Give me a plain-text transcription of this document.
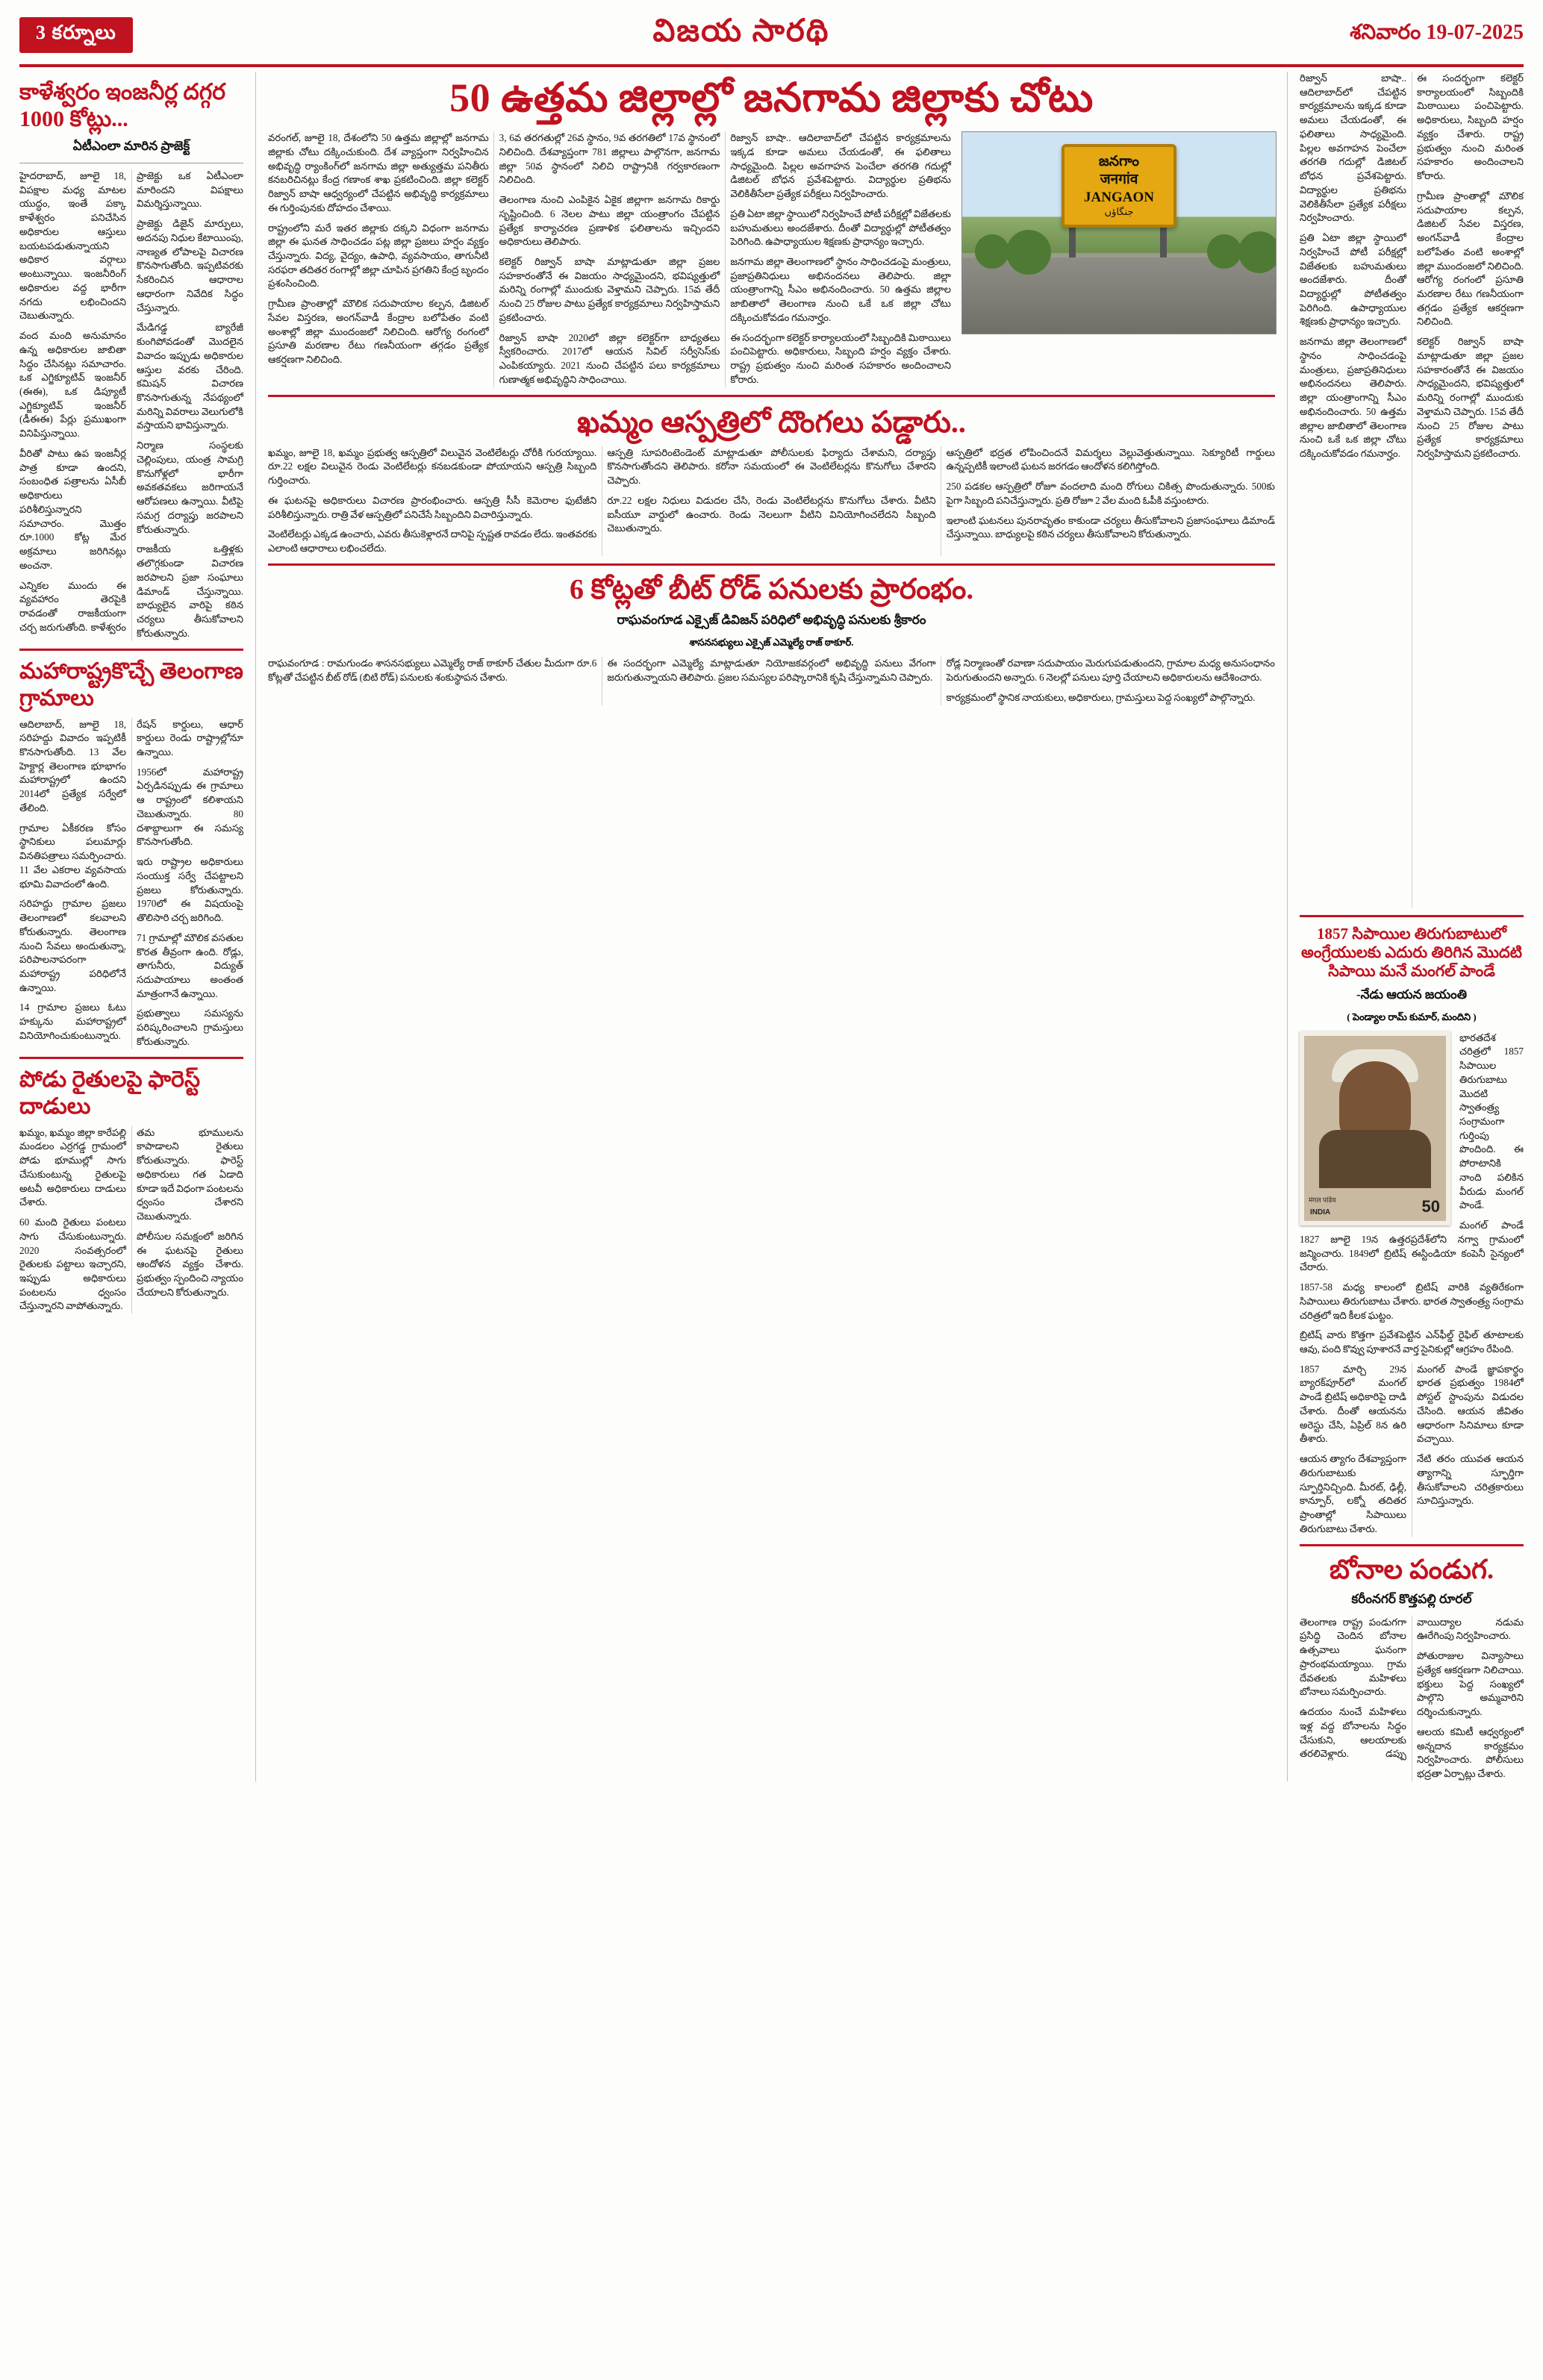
3 కర్నూలు	విజయ సారథి	శనివారం 19-07-2025
కాళేశ్వరం ఇంజనీర్ల దగ్గర 1000 కోట్లు...
ఏటీఎంలా మారిన ప్రాజెక్ట్

హైదరాబాద్, జూలై 18, విపక్షాల మధ్య మాటల యుద్ధం, ఇంతే పక్కా కాళేశ్వరం పనిచేసిన అధికారుల ఆస్తులు బయటపడుతున్నాయని అధికార వర్గాలు అంటున్నాయి. ఇంజనీరింగ్ అధికారుల వద్ద భారీగా నగదు లభించిందని చెబుతున్నారు.

వంద మంది అనుమానం ఉన్న అధికారుల జాబితా సిద్ధం చేసినట్లు సమాచారం. ఒక ఎగ్జిక్యూటివ్ ఇంజనీర్ (ఈఈ), ఒక డిప్యూటీ ఎగ్జిక్యూటివ్ ఇంజనీర్ (డీఈఈ) పేర్లు ప్రముఖంగా వినిపిస్తున్నాయి.

వీరితో పాటు ఉప ఇంజనీర్ల పాత్ర కూడా ఉందని, సంబంధిత పత్రాలను ఏసీబీ అధికారులు పరిశీలిస్తున్నారని సమాచారం. మొత్తం రూ.1000 కోట్ల మేర అక్రమాలు జరిగినట్లు అంచనా.

ఎన్నికల ముందు ఈ వ్యవహారం తెరపైకి రావడంతో రాజకీయంగా చర్చ జరుగుతోంది. కాళేశ్వరం ప్రాజెక్టు ఒక ఏటీఎంలా మారిందని విపక్షాలు విమర్శిస్తున్నాయి.

ప్రాజెక్టు డిజైన్ మార్పులు, అదనపు నిధుల కేటాయింపు, నాణ్యత లోపాలపై విచారణ కొనసాగుతోంది. ఇప్పటివరకు సేకరించిన ఆధారాల ఆధారంగా నివేదిక సిద్ధం చేస్తున్నారు.

మేడిగడ్డ బ్యారేజీ కుంగిపోవడంతో మొదలైన వివాదం ఇప్పుడు అధికారుల ఆస్తుల వరకు చేరింది. కమిషన్ విచారణ కొనసాగుతున్న నేపథ్యంలో మరిన్ని వివరాలు వెలుగులోకి వస్తాయని భావిస్తున్నారు.

నిర్మాణ సంస్థలకు చెల్లింపులు, యంత్ర సామగ్రి కొనుగోళ్లలో భారీగా అవకతవకలు జరిగాయనే ఆరోపణలు ఉన్నాయి. వీటిపై సమగ్ర దర్యాప్తు జరపాలని కోరుతున్నారు.

రాజకీయ ఒత్తిళ్లకు తలొగ్గకుండా విచారణ జరపాలని ప్రజా సంఘాలు డిమాండ్ చేస్తున్నాయి. బాధ్యులైన వారిపై కఠిన చర్యలు తీసుకోవాలని కోరుతున్నారు.

మహారాష్ట్రకొచ్చే తెలంగాణ గ్రామాలు

ఆదిలాబాద్, జూలై 18, సరిహద్దు వివాదం ఇప్పటికీ కొనసాగుతోంది. 13 వేల హెక్టార్ల తెలంగాణ భూభాగం మహారాష్ట్రలో ఉందని 2014లో ప్రత్యేక సర్వేలో తేలింది.

గ్రామాల ఏకీకరణ కోసం స్థానికులు పలుమార్లు వినతిపత్రాలు సమర్పించారు. 11 వేల ఎకరాల వ్యవసాయ భూమి వివాదంలో ఉంది.

సరిహద్దు గ్రామాల ప్రజలు తెలంగాణలో కలవాలని కోరుతున్నారు. తెలంగాణ నుంచి సేవలు అందుతున్నా, పరిపాలనాపరంగా మహారాష్ట్ర పరిధిలోనే ఉన్నాయి.

14 గ్రామాల ప్రజలు ఓటు హక్కును మహారాష్ట్రలో వినియోగించుకుంటున్నారు. రేషన్ కార్డులు, ఆధార్ కార్డులు రెండు రాష్ట్రాల్లోనూ ఉన్నాయి.

1956లో మహారాష్ట్ర ఏర్పడినప్పుడు ఈ గ్రామాలు ఆ రాష్ట్రంలో కలిశాయని చెబుతున్నారు. 80 దశాబ్దాలుగా ఈ సమస్య కొనసాగుతోంది.

ఇరు రాష్ట్రాల అధికారులు సంయుక్త సర్వే చేపట్టాలని ప్రజలు కోరుతున్నారు. 1970లో ఈ విషయంపై తొలిసారి చర్చ జరిగింది.

71 గ్రామాల్లో మౌలిక వసతుల కొరత తీవ్రంగా ఉంది. రోడ్లు, తాగునీరు, విద్యుత్ సదుపాయాలు అంతంత మాత్రంగానే ఉన్నాయి.

ప్రభుత్వాలు సమస్యను పరిష్కరించాలని గ్రామస్తులు కోరుతున్నారు.

పోడు రైతులపై ఫారెస్ట్ దాడులు

ఖమ్మం, ఖమ్మం జిల్లా కారేపల్లి మండలం ఎర్రగడ్డ గ్రామంలో పోడు భూముల్లో సాగు చేసుకుంటున్న రైతులపై అటవీ అధికారులు దాడులు చేశారు.

60 మంది రైతులు పంటలు సాగు చేసుకుంటున్నారు. 2020 సంవత్సరంలో రైతులకు పట్టాలు ఇచ్చారని, ఇప్పుడు అధికారులు పంటలను ధ్వంసం చేస్తున్నారని వాపోతున్నారు.

తమ భూములను కాపాడాలని రైతులు కోరుతున్నారు. ఫారెస్ట్ అధికారులు గత ఏడాది కూడా ఇదే విధంగా పంటలను ధ్వంసం చేశారని చెబుతున్నారు.

పోలీసుల సమక్షంలో జరిగిన ఈ ఘటనపై రైతులు ఆందోళన వ్యక్తం చేశారు. ప్రభుత్వం స్పందించి న్యాయం చేయాలని కోరుతున్నారు.

50 ఉత్తమ జిల్లాల్లో జనగామ జిల్లాకు చోటు
జనగాం
जनगांव
JANGAON
جنگاؤں

వరంగల్, జూలై 18, దేశంలోని 50 ఉత్తమ జిల్లాల్లో జనగామ జిల్లాకు చోటు దక్కించుకుంది. దేశ వ్యాప్తంగా నిర్వహించిన అభివృద్ధి ర్యాంకింగ్‌లో జనగామ జిల్లా అత్యుత్తమ పనితీరు కనబరిచినట్లు కేంద్ర గణాంక శాఖ ప్రకటించింది. జిల్లా కలెక్టర్ రిజ్వాన్ బాషా ఆధ్వర్యంలో చేపట్టిన అభివృద్ధి కార్యక్రమాలు ఈ గుర్తింపునకు దోహదం చేశాయి.

రాష్ట్రంలోని మరే ఇతర జిల్లాకు దక్కని విధంగా జనగామ జిల్లా ఈ ఘనత సాధించడం పట్ల జిల్లా ప్రజలు హర్షం వ్యక్తం చేస్తున్నారు. విద్య, వైద్యం, ఉపాధి, వ్యవసాయం, తాగునీటి సరఫరా తదితర రంగాల్లో జిల్లా చూపిన ప్రగతిని కేంద్ర బృందం ప్రశంసించింది.

గ్రామీణ ప్రాంతాల్లో మౌలిక సదుపాయాల కల్పన, డిజిటల్ సేవల విస్తరణ, అంగన్‌వాడీ కేంద్రాల బలోపేతం వంటి అంశాల్లో జిల్లా ముందంజలో నిలిచింది. ఆరోగ్య రంగంలో ప్రసూతి మరణాల రేటు గణనీయంగా తగ్గడం ప్రత్యేక ఆకర్షణగా నిలిచింది.

3, 6వ తరగతుల్లో 26వ స్థానం, 9వ తరగతిలో 17వ స్థానంలో నిలిచింది. దేశవ్యాప్తంగా 781 జిల్లాలు పాల్గొనగా, జనగామ జిల్లా 50వ స్థానంలో నిలిచి రాష్ట్రానికి గర్వకారణంగా నిలిచింది.

తెలంగాణ నుంచి ఎంపికైన ఏకైక జిల్లాగా జనగామ రికార్డు సృష్టించింది. 6 నెలల పాటు జిల్లా యంత్రాంగం చేపట్టిన ప్రత్యేక కార్యాచరణ ప్రణాళిక ఫలితాలను ఇచ్చిందని అధికారులు తెలిపారు.

కలెక్టర్ రిజ్వాన్ బాషా మాట్లాడుతూ జిల్లా ప్రజల సహకారంతోనే ఈ విజయం సాధ్యమైందని, భవిష్యత్తులో మరిన్ని రంగాల్లో ముందుకు వెళ్తామని చెప్పారు. 15వ తేదీ నుంచి 25 రోజుల పాటు ప్రత్యేక కార్యక్రమాలు నిర్వహిస్తామని ప్రకటించారు.

రిజ్వాన్ బాషా 2020లో జిల్లా కలెక్టర్‌గా బాధ్యతలు స్వీకరించారు. 2017లో ఆయన సివిల్ సర్వీసెస్‌కు ఎంపికయ్యారు. 2021 నుంచి చేపట్టిన పలు కార్యక్రమాలు గుణాత్మక అభివృద్ధిని సాధించాయి.

రిజ్వాన్ బాషా.. ఆదిలాబాద్‌లో చేపట్టిన కార్యక్రమాలను ఇక్కడ కూడా అమలు చేయడంతో, ఈ ఫలితాలు సాధ్యమైంది. పిల్లల అవగాహన పెంచేలా తరగతి గదుల్లో డిజిటల్ బోధన ప్రవేశపెట్టారు. విద్యార్థుల ప్రతిభను వెలికితీసేలా ప్రత్యేక పరీక్షలు నిర్వహించారు.

ప్రతి ఏటా జిల్లా స్థాయిలో నిర్వహించే పోటీ పరీక్షల్లో విజేతలకు బహుమతులు అందజేశారు. దీంతో విద్యార్థుల్లో పోటీతత్వం పెరిగింది. ఉపాధ్యాయుల శిక్షణకు ప్రాధాన్యం ఇచ్చారు.

జనగామ జిల్లా తెలంగాణలో స్థానం సాధించడంపై మంత్రులు, ప్రజాప్రతినిధులు అభినందనలు తెలిపారు. జిల్లా యంత్రాంగాన్ని సీఎం అభినందించారు. 50 ఉత్తమ జిల్లాల జాబితాలో తెలంగాణ నుంచి ఒకే ఒక జిల్లా చోటు దక్కించుకోవడం గమనార్హం.

ఈ సందర్భంగా కలెక్టర్ కార్యాలయంలో సిబ్బందికి మిఠాయిలు పంచిపెట్టారు. అధికారులు, సిబ్బంది హర్షం వ్యక్తం చేశారు. రాష్ట్ర ప్రభుత్వం నుంచి మరింత సహకారం అందించాలని కోరారు.

ఖమ్మం ఆస్పత్రిలో దొంగలు పడ్డారు..

ఖమ్మం, జూలై 18, ఖమ్మం ప్రభుత్వ ఆస్పత్రిలో విలువైన వెంటిలేటర్లు చోరీకి గురయ్యాయి. రూ.22 లక్షల విలువైన రెండు వెంటిలేటర్లు కనబడకుండా పోయాయని ఆస్పత్రి సిబ్బంది గుర్తించారు.

ఈ ఘటనపై అధికారులు విచారణ ప్రారంభించారు. ఆస్పత్రి సీసీ కెమెరాల ఫుటేజీని పరిశీలిస్తున్నారు. రాత్రి వేళ ఆస్పత్రిలో పనిచేసే సిబ్బందిని విచారిస్తున్నారు.

వెంటిలేటర్లు ఎక్కడ ఉంచారు, ఎవరు తీసుకెళ్లారనే దానిపై స్పష్టత రావడం లేదు. ఇంతవరకు ఎలాంటి ఆధారాలు లభించలేదు.

ఆస్పత్రి సూపరింటెండెంట్ మాట్లాడుతూ పోలీసులకు ఫిర్యాదు చేశామని, దర్యాప్తు కొనసాగుతోందని తెలిపారు. కరోనా సమయంలో ఈ వెంటిలేటర్లను కొనుగోలు చేశారని చెప్పారు.

రూ.22 లక్షల నిధులు విడుదల చేసి, రెండు వెంటిలేటర్లను కొనుగోలు చేశారు. వీటిని ఐసీయూ వార్డులో ఉంచారు. రెండు నెలలుగా వీటిని వినియోగించలేదని సిబ్బంది చెబుతున్నారు.

ఆస్పత్రిలో భద్రత లోపించిందనే విమర్శలు వెల్లువెత్తుతున్నాయి. సెక్యూరిటీ గార్డులు ఉన్నప్పటికీ ఇలాంటి ఘటన జరగడం ఆందోళన కలిగిస్తోంది.

250 పడకల ఆస్పత్రిలో రోజూ వందలాది మంది రోగులు చికిత్స పొందుతున్నారు. 500కు పైగా సిబ్బంది పనిచేస్తున్నారు. ప్రతి రోజూ 2 వేల మంది ఓపీకి వస్తుంటారు.

ఇలాంటి ఘటనలు పునరావృతం కాకుండా చర్యలు తీసుకోవాలని ప్రజాసంఘాలు డిమాండ్ చేస్తున్నాయి. బాధ్యులపై కఠిన చర్యలు తీసుకోవాలని కోరుతున్నారు.

6 కోట్లతో బీట్ రోడ్ పనులకు ప్రారంభం.
రాఘవంగూడ ఎక్సైజ్ డివిజన్ పరిధిలో అభివృద్ధి పనులకు శ్రీకారం
శాసనసభ్యులు ఎక్సైజ్ ఎమ్మెల్యే రాజ్ ఠాకూర్.

రాఘవంగూడ : రామగుండం శాసనసభ్యులు ఎమ్మెల్యే రాజ్ ఠాకూర్ చేతుల మీదుగా రూ.6 కోట్లతో చేపట్టిన బీట్ రోడ్ (బిటి రోడ్) పనులకు శంకుస్థాపన చేశారు.

ఈ సందర్భంగా ఎమ్మెల్యే మాట్లాడుతూ నియోజకవర్గంలో అభివృద్ధి పనులు వేగంగా జరుగుతున్నాయని తెలిపారు. ప్రజల సమస్యల పరిష్కారానికి కృషి చేస్తున్నామని చెప్పారు.

రోడ్ల నిర్మాణంతో రవాణా సదుపాయం మెరుగుపడుతుందని, గ్రామాల మధ్య అనుసంధానం పెరుగుతుందని అన్నారు. 6 నెలల్లో పనులు పూర్తి చేయాలని అధికారులను ఆదేశించారు.

కార్యక్రమంలో స్థానిక నాయకులు, అధికారులు, గ్రామస్తులు పెద్ద సంఖ్యలో పాల్గొన్నారు.

రిజ్వాన్ బాషా.. ఆదిలాబాద్‌లో చేపట్టిన కార్యక్రమాలను ఇక్కడ కూడా అమలు చేయడంతో, ఈ ఫలితాలు సాధ్యమైంది. పిల్లల అవగాహన పెంచేలా తరగతి గదుల్లో డిజిటల్ బోధన ప్రవేశపెట్టారు. విద్యార్థుల ప్రతిభను వెలికితీసేలా ప్రత్యేక పరీక్షలు నిర్వహించారు.

ప్రతి ఏటా జిల్లా స్థాయిలో నిర్వహించే పోటీ పరీక్షల్లో విజేతలకు బహుమతులు అందజేశారు. దీంతో విద్యార్థుల్లో పోటీతత్వం పెరిగింది. ఉపాధ్యాయుల శిక్షణకు ప్రాధాన్యం ఇచ్చారు.

జనగామ జిల్లా తెలంగాణలో స్థానం సాధించడంపై మంత్రులు, ప్రజాప్రతినిధులు అభినందనలు తెలిపారు. జిల్లా యంత్రాంగాన్ని సీఎం అభినందించారు. 50 ఉత్తమ జిల్లాల జాబితాలో తెలంగాణ నుంచి ఒకే ఒక జిల్లా చోటు దక్కించుకోవడం గమనార్హం.

ఈ సందర్భంగా కలెక్టర్ కార్యాలయంలో సిబ్బందికి మిఠాయిలు పంచిపెట్టారు. అధికారులు, సిబ్బంది హర్షం వ్యక్తం చేశారు. రాష్ట్ర ప్రభుత్వం నుంచి మరింత సహకారం అందించాలని కోరారు.

గ్రామీణ ప్రాంతాల్లో మౌలిక సదుపాయాల కల్పన, డిజిటల్ సేవల విస్తరణ, అంగన్‌వాడీ కేంద్రాల బలోపేతం వంటి అంశాల్లో జిల్లా ముందంజలో నిలిచింది. ఆరోగ్య రంగంలో ప్రసూతి మరణాల రేటు గణనీయంగా తగ్గడం ప్రత్యేక ఆకర్షణగా నిలిచింది.

కలెక్టర్ రిజ్వాన్ బాషా మాట్లాడుతూ జిల్లా ప్రజల సహకారంతోనే ఈ విజయం సాధ్యమైందని, భవిష్యత్తులో మరిన్ని రంగాల్లో ముందుకు వెళ్తామని చెప్పారు. 15వ తేదీ నుంచి 25 రోజుల పాటు ప్రత్యేక కార్యక్రమాలు నిర్వహిస్తామని ప్రకటించారు.

1857 సిపాయిల తిరుగుబాటులో అంగ్రేయులకు ఎదురు తిరిగిన మొదటి సిపాయి మనే మంగల్ పాండే
-నేడు ఆయన జయంతి
( పెండ్యాల రామ్ కుమార్, మందిని )
मंगल पांडेय
INDIA	50

భారతదేశ చరిత్రలో 1857 సిపాయిల తిరుగుబాటు మొదటి స్వాతంత్ర్య సంగ్రామంగా గుర్తింపు పొందింది. ఈ పోరాటానికి నాంది పలికిన వీరుడు మంగల్ పాండే.

మంగల్ పాండే 1827 జూలై 19న ఉత్తరప్రదేశ్‌లోని నగ్వా గ్రామంలో జన్మించారు. 1849లో బ్రిటిష్ ఈస్టిండియా కంపెనీ సైన్యంలో చేరారు.

1857-58 మధ్య కాలంలో బ్రిటిష్ వారికి వ్యతిరేకంగా సిపాయిలు తిరుగుబాటు చేశారు. భారత స్వాతంత్ర్య సంగ్రామ చరిత్రలో ఇది కీలక ఘట్టం.

బ్రిటిష్ వారు కొత్తగా ప్రవేశపెట్టిన ఎన్‌ఫీల్డ్ రైఫిల్ తూటాలకు ఆవు, పంది కొవ్వు పూశారనే వార్త సైనికుల్లో ఆగ్రహం రేపింది.

1857 మార్చి 29న బ్యారక్‌పూర్‌లో మంగల్ పాండే బ్రిటిష్ అధికారిపై దాడి చేశారు. దీంతో ఆయనను అరెస్టు చేసి, ఏప్రిల్ 8న ఉరి తీశారు.

ఆయన త్యాగం దేశవ్యాప్తంగా తిరుగుబాటుకు స్ఫూర్తినిచ్చింది. మీరట్, ఢిల్లీ, కాన్పూర్, లక్నో తదితర ప్రాంతాల్లో సిపాయిలు తిరుగుబాటు చేశారు.

మంగల్ పాండే జ్ఞాపకార్థం భారత ప్రభుత్వం 1984లో పోస్టల్ స్టాంపును విడుదల చేసింది. ఆయన జీవితం ఆధారంగా సినిమాలు కూడా వచ్చాయి.

నేటి తరం యువత ఆయన త్యాగాన్ని స్ఫూర్తిగా తీసుకోవాలని చరిత్రకారులు సూచిస్తున్నారు.

బోనాల పండుగ.
కరీంనగర్ కొత్తపల్లి రూరల్

తెలంగాణ రాష్ట్ర పండుగగా ప్రసిద్ధి చెందిన బోనాల ఉత్సవాలు ఘనంగా ప్రారంభమయ్యాయి. గ్రామ దేవతలకు మహిళలు బోనాలు సమర్పించారు.

ఉదయం నుంచే మహిళలు ఇళ్ల వద్ద బోనాలను సిద్ధం చేసుకుని, ఆలయాలకు తరలివెళ్లారు. డప్పు వాయిద్యాల నడుమ ఊరేగింపు నిర్వహించారు.

పోతురాజుల విన్యాసాలు ప్రత్యేక ఆకర్షణగా నిలిచాయి. భక్తులు పెద్ద సంఖ్యలో పాల్గొని అమ్మవారిని దర్శించుకున్నారు.

ఆలయ కమిటీ ఆధ్వర్యంలో అన్నదాన కార్యక్రమం నిర్వహించారు. పోలీసులు భద్రతా ఏర్పాట్లు చేశారు.
